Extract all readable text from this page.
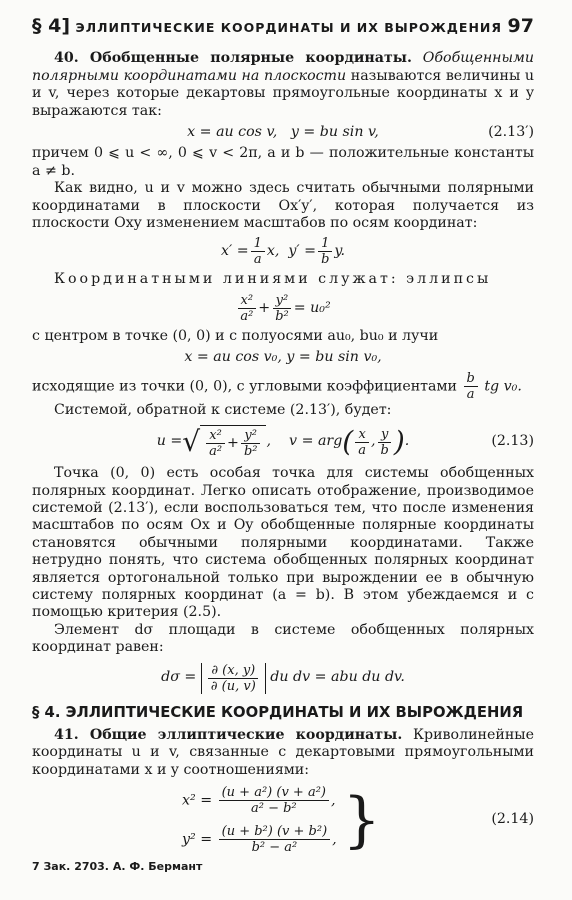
§ 4] ЭЛЛИПТИЧЕСКИЕ КООРДИНАТЫ И ИХ ВЫРОЖДЕНИЯ 97

40. Обобщенные полярные координаты. Обобщенными полярными координатами на плоскости называются величины u и v, через которые декартовы прямоугольные координаты x и y выражаются так:

x = au cos v,
y = bu sin v,	(2.13′)

причем 0 ⩽ u < ∞, 0 ⩽ v < 2π, a и b — положительные константы a ≠ b.

Как видно, u и v можно здесь считать обычными полярными координатами в плоскости Ox′y′, которая получается из плоскости Oxy изменением масштабов по осям координат:

$x' = \frac{1}{a} x$,
$y' = \frac{1}{b} y$.

Координатными линиями служат: эллипсы

$\frac{\text{x²}}{\text{a²}} + \frac{\text{y²}}{\text{b²}} = u_0^2$

с центром в точке (0, 0) и с полуосями au₀, bu₀ и лучи

x = au cos v₀, y = bu sin v₀,

исходящие из точки (0, 0), с угловыми коэффициентами $\frac{b}{a}$ tg v₀.

Системой, обратной к системе (2.13′), будет:

u = √ $\frac{\text{x²}}{\text{a²}} + \frac{\text{y²}}{\text{b²}}$ , v = arg ( $\frac{x}{a}$ , $\frac{y}{b}$ ) .	(2.13)

Точка (0, 0) есть особая точка для системы обобщенных полярных координат. Легко описать отображение, производимое системой (2.13′), если воспользоваться тем, что после изменения масштабов по осям Ox и Oy обобщенные полярные координаты становятся обычными полярными координатами. Также нетрудно понять, что система обобщенных полярных координат является ортогональной только при вырождении ее в обычную систему полярных координат (a = b). В этом убеждаемся и с помощью критерия (2.5).

Элемент dσ площади в системе обобщенных полярных координат равен:

dσ =
$\frac{\partial (x, y)}{\partial (u, v)}$
du dv = abu du dv.
§ 4. ЭЛЛИПТИЧЕСКИЕ КООРДИНАТЫ И ИХ ВЫРОЖДЕНИЯ

41. Общие эллиптические координаты. Криволинейные координаты u и v, связанные с декартовыми прямоугольными координатами x и y соотношениями:

$x^2 = \frac{\text{(u + a²) (v + a²)}}{\text{a² − b²}}$ ,
$y^2 = \frac{\text{(u + b²) (v + b²)}}{\text{b² − a²}}$ , }	(2.14)
7 Зак. 2703. А. Ф. Бермант
